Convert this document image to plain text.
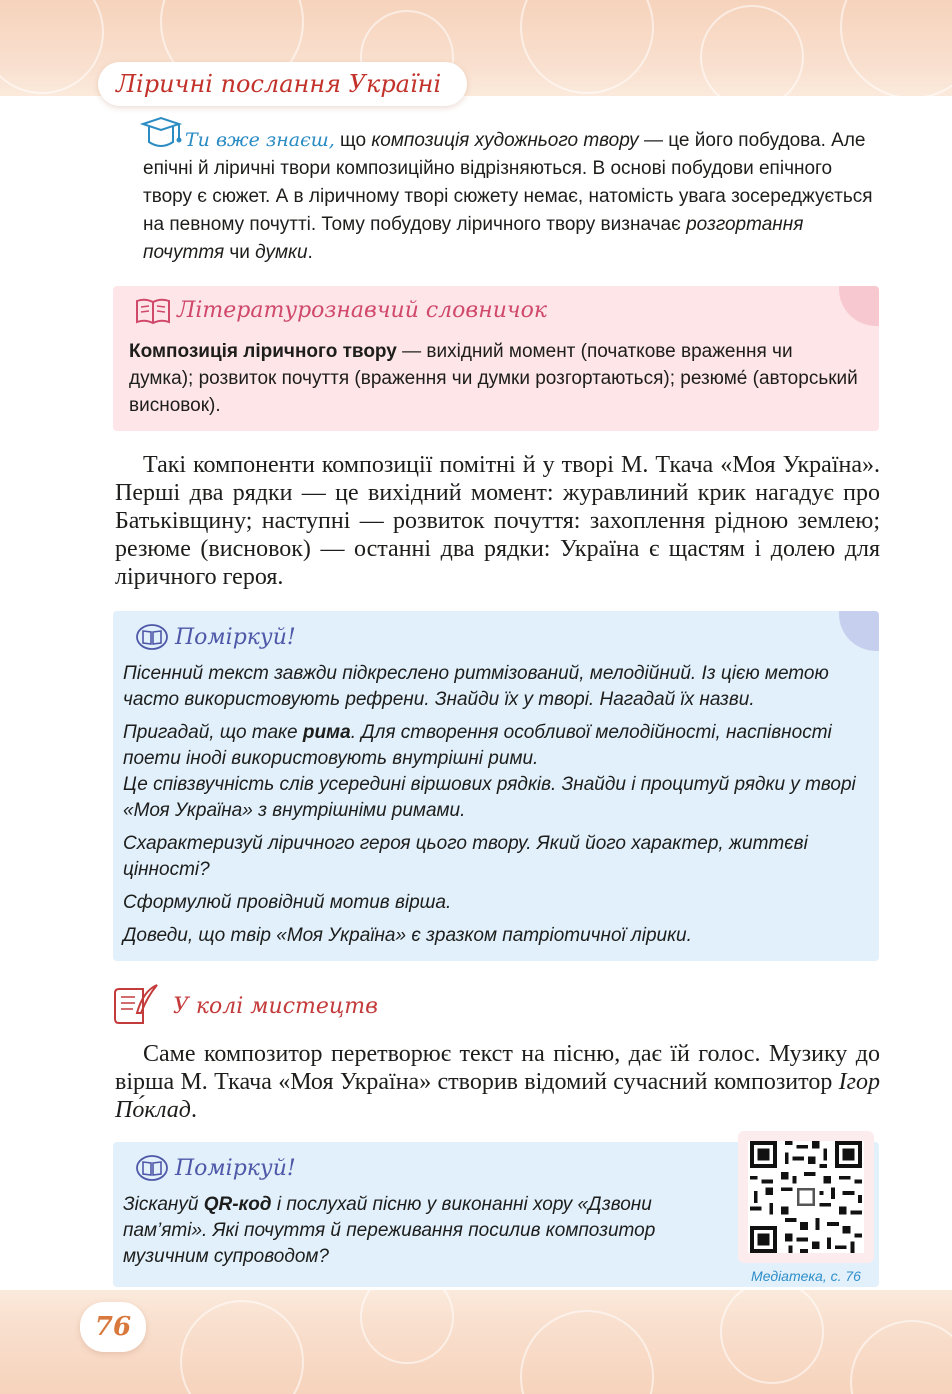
Ліричні послання Україні
Ти вже знаєш, що композиція художнього твору — це його побудова. Але епічні й ліричні твори композиційно відрізняються. В основі побудови епічного твору є сюжет. А в ліричному творі сюжету немає, натомість увага зосереджується на певному почутті. Тому побудову ліричного твору визначає розгортання почуття чи думки.
Літературознавчий словничок
Композиція ліричного твору — вихідний момент (початкове враження чи думка); розвиток почуття (враження чи думки розгортаються); резюме́ (авторський висновок).
Такі компоненти композиції помітні й у творі М. Ткача «Моя Україна». Перші два рядки — це вихідний момент: журавлиний крик нагадує про Батьківщину; наступні — розвиток почуття: захоплення рідною землею; резюме (висновок) — останні два рядки: Україна є щастям і долею для ліричного героя.
Поміркуй!
Пісенний текст завжди підкреслено ритмізований, мелодійний. Із цією метою часто використовують рефрени. Знайди їх у творі. Нагадай їх назви.
Пригадай, що таке рима. Для створення особливої мелодійності, наспівності поети іноді використовують внутрішні рими.
Це співзвучність слів усередині віршових рядків. Знайди і процитуй рядки у творі «Моя Україна» з внутрішніми римами.
Схарактеризуй ліричного героя цього твору. Який його характер, життєві цінності?
Сформулюй провідний мотив вірша.
Доведи, що твір «Моя Україна» є зразком патріотичної лірики.
У колі мистецтв
Саме композитор перетворює текст на пісню, дає їй голос. Музику до вірша М. Ткача «Моя Україна» створив відомий сучасний композитор Ігор По́клад.
Поміркуй!
Зіскануй QR-код і послухай пісню у виконанні хору «Дзвони пам’яті». Які почуття й переживання посилив композитор музичним супроводом?
Медіатека, с. 76
76
